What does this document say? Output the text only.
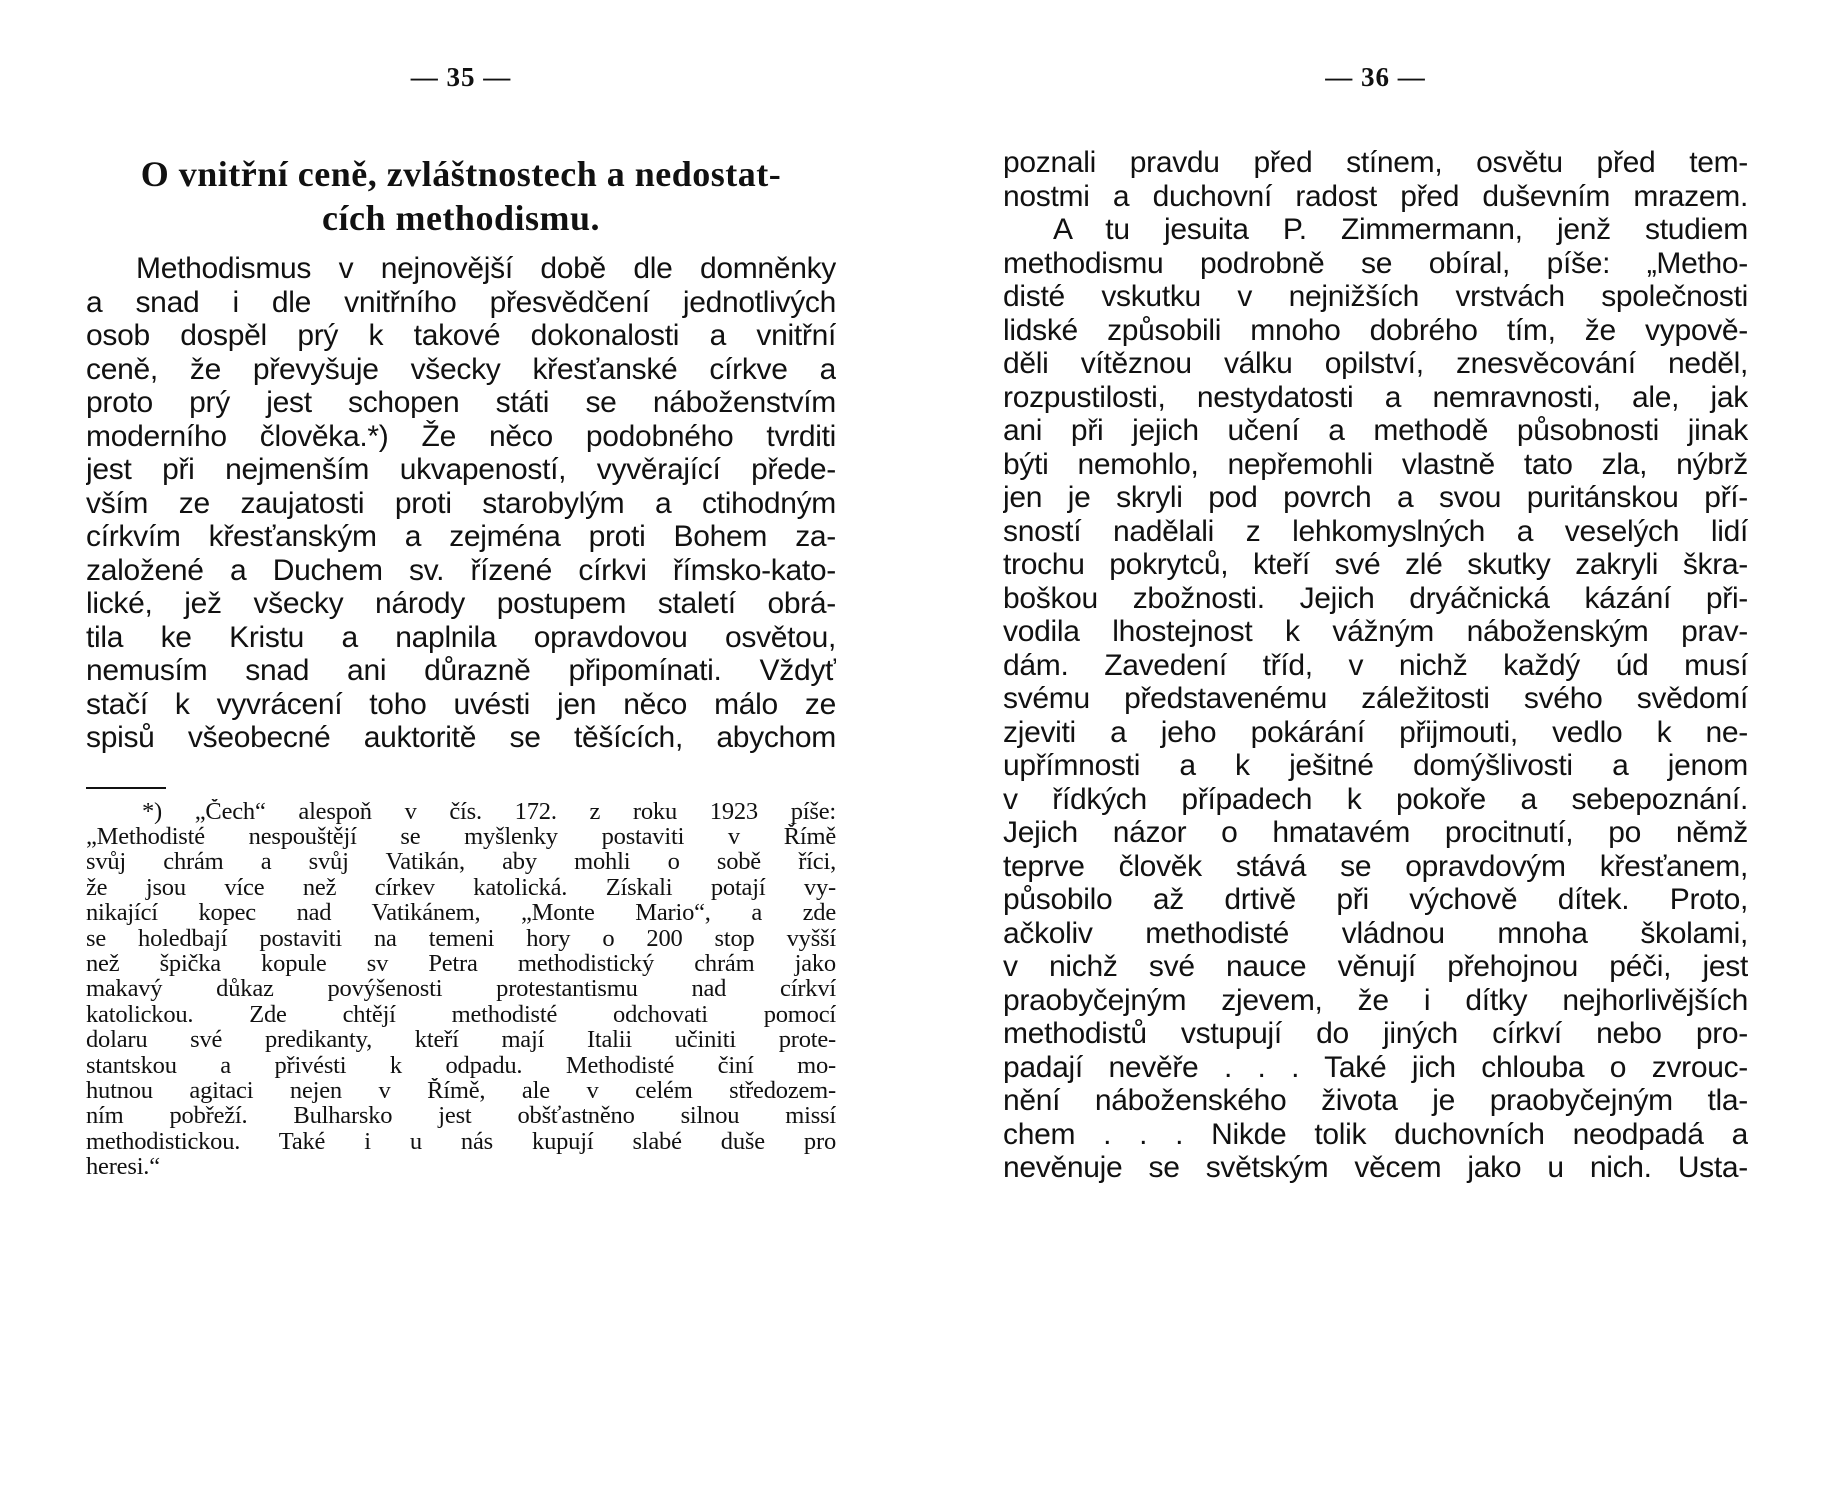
— 35 —
O vnitřní ceně, zvláštnostech a nedostat-
cích methodismu.
Methodismus v nejnovější době dle domněnky
a snad i dle vnitřního přesvědčení jednotlivých
osob dospěl prý k takové dokonalosti a vnitřní
ceně, že převyšuje všecky křesťanské církve a
proto prý jest schopen státi se náboženstvím
moderního člověka.*) Že něco podobného tvrditi
jest při nejmenším ukvapeností, vyvěrající přede-
vším ze zaujatosti proti starobylým a ctihodným
církvím křesťanským a zejména proti Bohem za-
založené a Duchem sv. řízené církvi římsko-kato-
lické, jež všecky národy postupem staletí obrá-
tila ke Kristu a naplnila opravdovou osvětou,
nemusím snad ani důrazně připomínati. Vždyť
stačí k vyvrácení toho uvésti jen něco málo ze
spisů všeobecné auktoritě se těšících, abychom
*) „Čech“ alespoň v čís. 172. z roku 1923 píše:
„Methodisté nespouštějí se myšlenky postaviti v Římě
svůj chrám a svůj Vatikán, aby mohli o sobě říci,
že jsou více než církev katolická. Získali potají vy-
nikající kopec nad Vatikánem, „Monte Mario“, a zde
se holedbají postaviti na temeni hory o 200 stop vyšší
než špička kopule sv Petra methodistický chrám jako
makavý důkaz povýšenosti protestantismu nad církví
katolickou. Zde chtějí methodisté odchovati pomocí
dolaru své predikanty, kteří mají Italii učiniti prote-
stantskou a přivésti k odpadu. Methodisté činí mo-
hutnou agitaci nejen v Římě, ale v celém středozem-
ním pobřeží. Bulharsko jest obšťastněno silnou missí
methodistickou. Také i u nás kupují slabé duše pro
heresi.“
— 36 —
poznali pravdu před stínem, osvětu před tem-
nostmi a duchovní radost před duševním mrazem.
A tu jesuita P. Zimmermann, jenž studiem
methodismu podrobně se obíral, píše: „Metho-
disté vskutku v nejnižších vrstvách společnosti
lidské způsobili mnoho dobrého tím, že vypově-
děli vítěznou válku opilství, znesvěcování neděl,
rozpustilosti, nestydatosti a nemravnosti, ale, jak
ani při jejich učení a methodě působnosti jinak
býti nemohlo, nepřemohli vlastně tato zla, nýbrž
jen je skryli pod povrch a svou puritánskou pří-
sností nadělali z lehkomyslných a veselých lidí
trochu pokrytců, kteří své zlé skutky zakryli škra-
boškou zbožnosti. Jejich dryáčnická kázání při-
vodila lhostejnost k vážným náboženským prav-
dám. Zavedení tříd, v nichž každý úd musí
svému představenému záležitosti svého svědomí
zjeviti a jeho pokárání přijmouti, vedlo k ne-
upřímnosti a k ješitné domýšlivosti a jenom
v řídkých případech k pokoře a sebepoznání.
Jejich názor o hmatavém procitnutí, po němž
teprve člověk stává se opravdovým křesťanem,
působilo až drtivě při výchově dítek. Proto,
ačkoliv methodisté vládnou mnoha školami,
v nichž své nauce věnují přehojnou péči, jest
praobyčejným zjevem, že i dítky nejhorlivějších
methodistů vstupují do jiných církví nebo pro-
padají nevěře . . . Také jich chlouba o zvrouc-
nění náboženského života je praobyčejným tla-
chem . . . Nikde tolik duchovních neodpadá a
nevěnuje se světským věcem jako u nich. Usta-
